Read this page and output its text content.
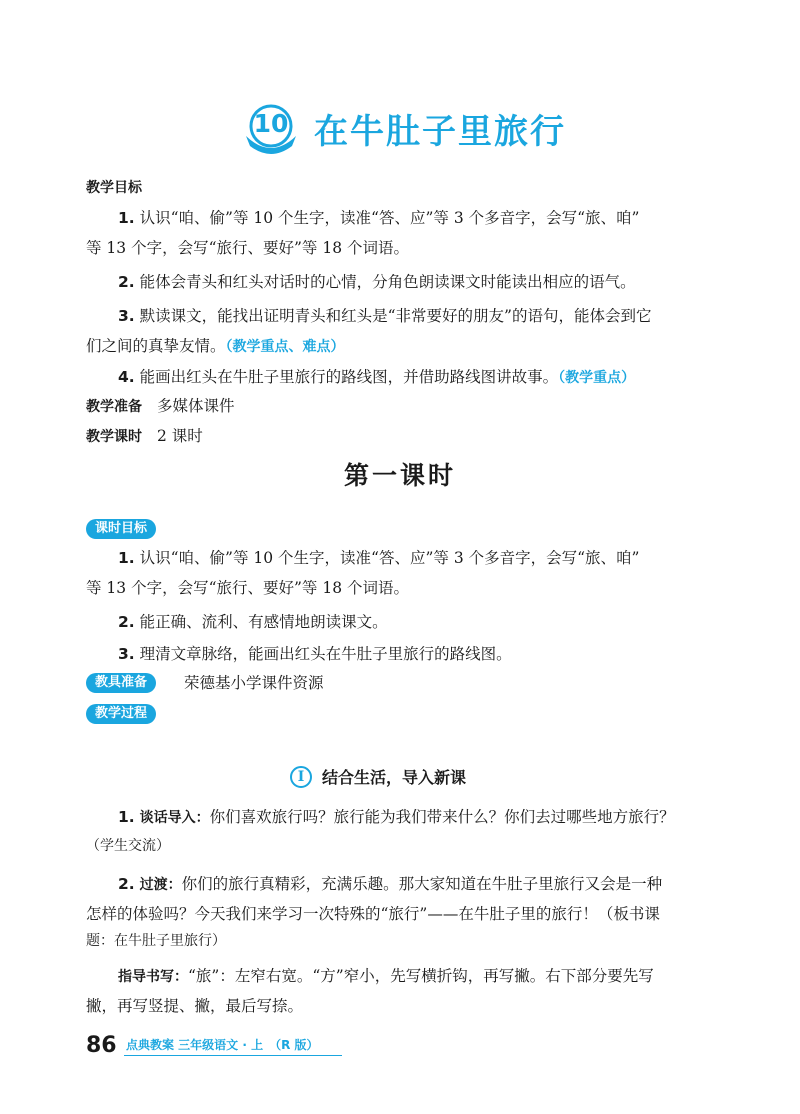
10 在牛肚子里旅行
教学目标
1. 认识“咱、偷”等 10 个生字，读准“答、应”等 3 个多音字，会写“旅、咱”
等 13 个字，会写“旅行、要好”等 18 个词语。
2. 能体会青头和红头对话时的心情，分角色朗读课文时能读出相应的语气。
3. 默读课文，能找出证明青头和红头是“非常要好的朋友”的语句，能体会到它
们之间的真挚友情。（教学重点、难点）
4. 能画出红头在牛肚子里旅行的路线图，并借助路线图讲故事。（教学重点）
教学准备 多媒体课件
教学课时 2 课时
第一课时
课时目标
1. 认识“咱、偷”等 10 个生字，读准“答、应”等 3 个多音字，会写“旅、咱”
等 13 个字，会写“旅行、要好”等 18 个词语。
2. 能正确、流利、有感情地朗读课文。
3. 理清文章脉络，能画出红头在牛肚子里旅行的路线图。
教具准备	荣德基小学课件资源
教学过程
I	结合生活，导入新课
1. 谈话导入：你们喜欢旅行吗？旅行能为我们带来什么？你们去过哪些地方旅行？
（学生交流）
2. 过渡：你们的旅行真精彩，充满乐趣。那大家知道在牛肚子里旅行又会是一种
怎样的体验吗？今天我们来学习一次特殊的“旅行”——在牛肚子里的旅行！（板书课
题：在牛肚子里旅行）
指导书写：“旅”：左窄右宽。“方”窄小，先写横折钩，再写撇。右下部分要先写
撇，再写竖提、撇，最后写捺。
86 点典教案 三年级语文 · 上　（R 版）
